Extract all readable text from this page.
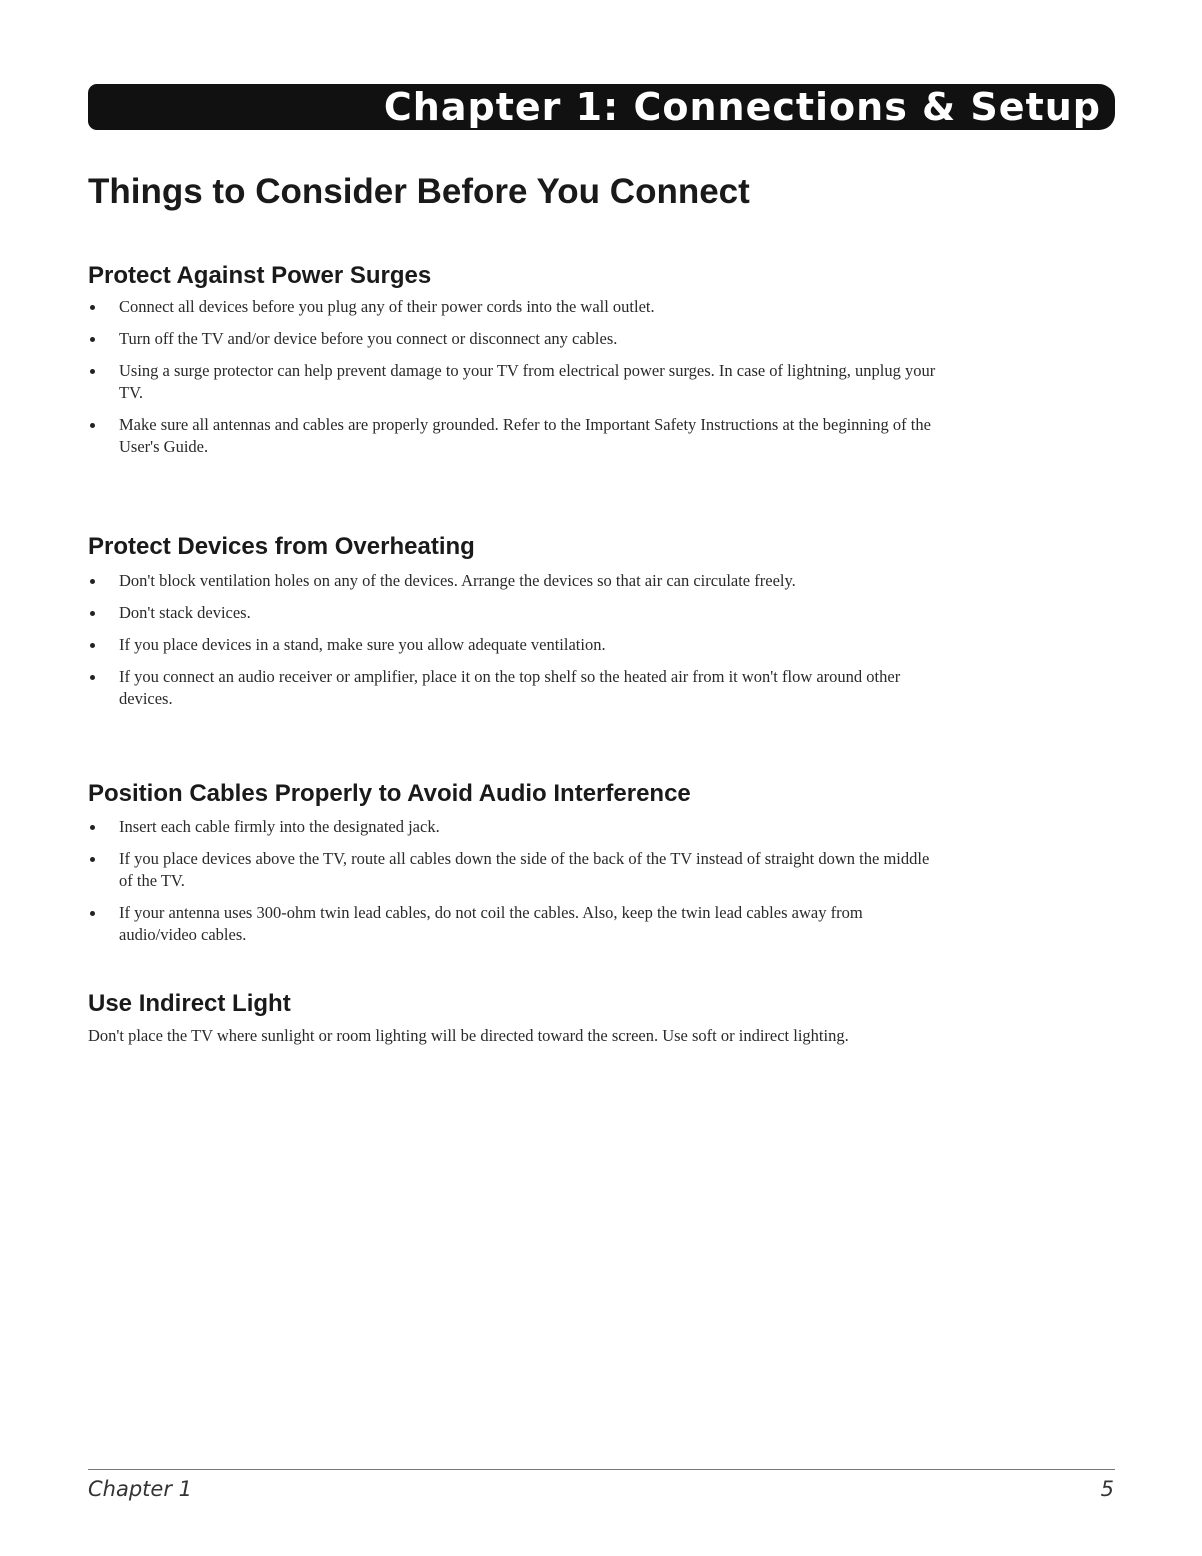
Chapter 1: Connections & Setup
Things to Consider Before You Connect
Protect Against Power Surges
Connect all devices before you plug any of their power cords into the wall outlet.
Turn off the TV and/or device before you connect or disconnect any cables.
Using a surge protector can help prevent damage to your TV from electrical power surges. In case of lightning, unplug your TV.
Make sure all antennas and cables are properly grounded. Refer to the Important Safety Instructions at the beginning of the User's Guide.
Protect Devices from Overheating
Don't block ventilation holes on any of the devices. Arrange the devices so that air can circulate freely.
Don't stack devices.
If you place devices in a stand, make sure you allow adequate ventilation.
If you connect an audio receiver or amplifier, place it on the top shelf so the heated air from it won't flow around other devices.
Position Cables Properly to Avoid Audio Interference
Insert each cable firmly into the designated jack.
If you place devices above the TV, route all cables down the side of the back of the TV instead of straight down the middle of the TV.
If your antenna uses 300-ohm twin lead cables, do not coil the cables. Also, keep the twin lead cables away from audio/video cables.
Use Indirect Light

Don't place the TV where sunlight or room lighting will be directed toward the screen. Use soft or indirect lighting.

Chapter 1	5
